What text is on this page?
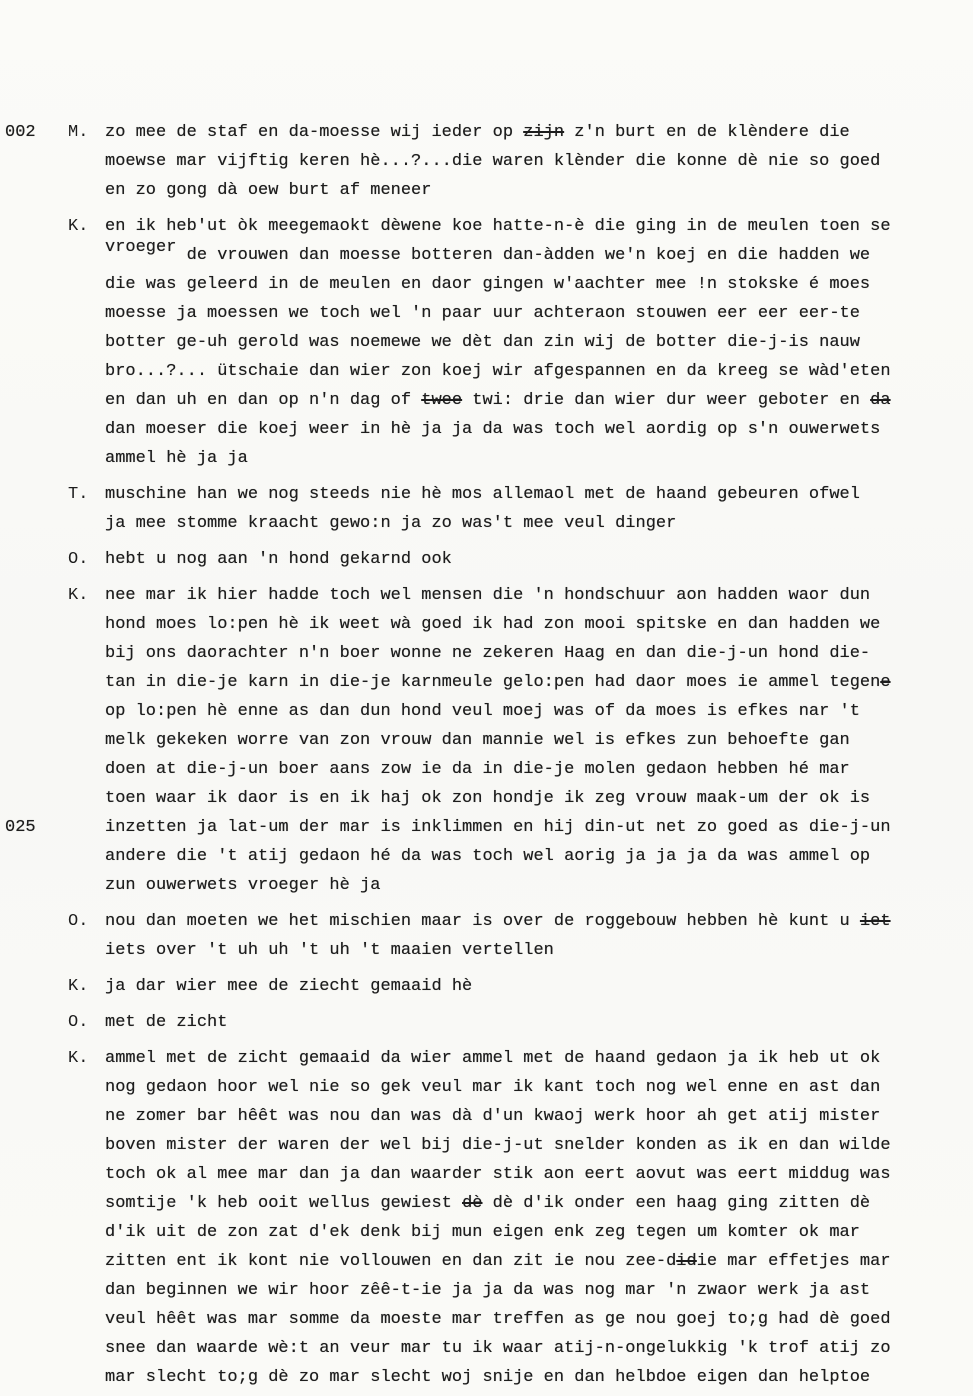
M.
002	zo mee de staf en da-moesse wij ieder op zijn z'n burt en de klèndere die
moewse mar vijftig keren hè...?...die waren klènder die konne dè nie so goed
en zo gong dà oew burt af meneer
K. en ik heb'ut òk meegemaokt dèwene koe hatte-n-è die ging in de meulen toen se
vroeger de vrouwen dan moesse botteren dan-àdden we'n koej en die hadden we
die was geleerd in de meulen en daor gingen w'aachter mee !n stokske é moes
moesse ja moessen we toch wel 'n paar uur achteraon stouwen eer eer eer-te
botter ge-uh gerold was noemewe we dèt dan zin wij de botter die-j-is nauw
bro...?... ütschaie dan wier zon koej wir afgespannen en da kreeg se wàd'eten
en dan uh en dan op n'n dag of twee twi: drie dan wier dur weer geboter en da
dan moeser die koej weer in hè ja ja da was toch wel aordig op s'n ouwerwets
ammel hè ja ja
T. muschine han we nog steeds nie hè mos allemaol met de haand gebeuren ofwel
ja mee stomme kraacht gewo:n ja zo was't mee veul dinger
O. hebt u nog aan 'n hond gekarnd ook
K. nee mar ik hier hadde toch wel mensen die 'n hondschuur aon hadden waor dun
hond moes lo:pen hè ik weet wà goed ik had zon mooi spitske en dan hadden we
bij ons daorachter n'n boer wonne ne zekeren Haag en dan die-j-un hond die-
tan in die-je karn in die-je karnmeule gelo:pen had daor moes ie ammel tegene
op lo:pen hè enne as dan dun hond veul moej was of da moes is efkes nar 't
melk gekeken worre van zon vrouw dan mannie wel is efkes zun behoefte gan
doen at die-j-un boer aans zow ie da in die-je molen gedaon hebben hé mar
toen waar ik daor is en ik haj ok zon hondje ik zeg vrouw maak-um der ok is
025	inzetten ja lat-um der mar is inklimmen en hij din-ut net zo goed as die-j-un
andere die 't atij gedaon hé da was toch wel aorig ja ja ja da was ammel op
zun ouwerwets vroeger hè ja
O. nou dan moeten we het mischien maar is over de roggebouw hebben hè kunt u iet
iets over 't uh uh 't uh 't maaien vertellen
K. ja dar wier mee de ziecht gemaaid hè
O. met de zicht
K. ammel met de zicht gemaaid da wier ammel met de haand gedaon ja ik heb ut ok
nog gedaon hoor wel nie so gek veul mar ik kant toch nog wel enne en ast dan
ne zomer bar hêêt was nou dan was dà d'un kwaoj werk hoor ah get atij mister
boven mister der waren der wel bij die-j-ut snelder konden as ik en dan wilde
toch ok al mee mar dan ja dan waarder stik aon eert aovut was eert middug was
somtije 'k heb ooit wellus gewiest dè dè d'ik onder een haag ging zitten dè
d'ik uit de zon zat d'ek denk bij mun eigen enk zeg tegen um komter ok mar
zitten ent ik kont nie vollouwen en dan zit ie nou zee-didie mar effetjes mar
dan beginnen we wir hoor zêê-t-ie ja ja da was nog mar 'n zwaor werk ja ast
veul hêêt was mar somme da moeste mar treffen as ge nou goej to;g had dè goed
snee dan waarde wè:t an veur mar tu ik waar atij-n-ongelukkig 'k trof atij zo
mar slecht to;g dè zo mar slecht woj snije en dan helbdoe eigen dan helptoe
